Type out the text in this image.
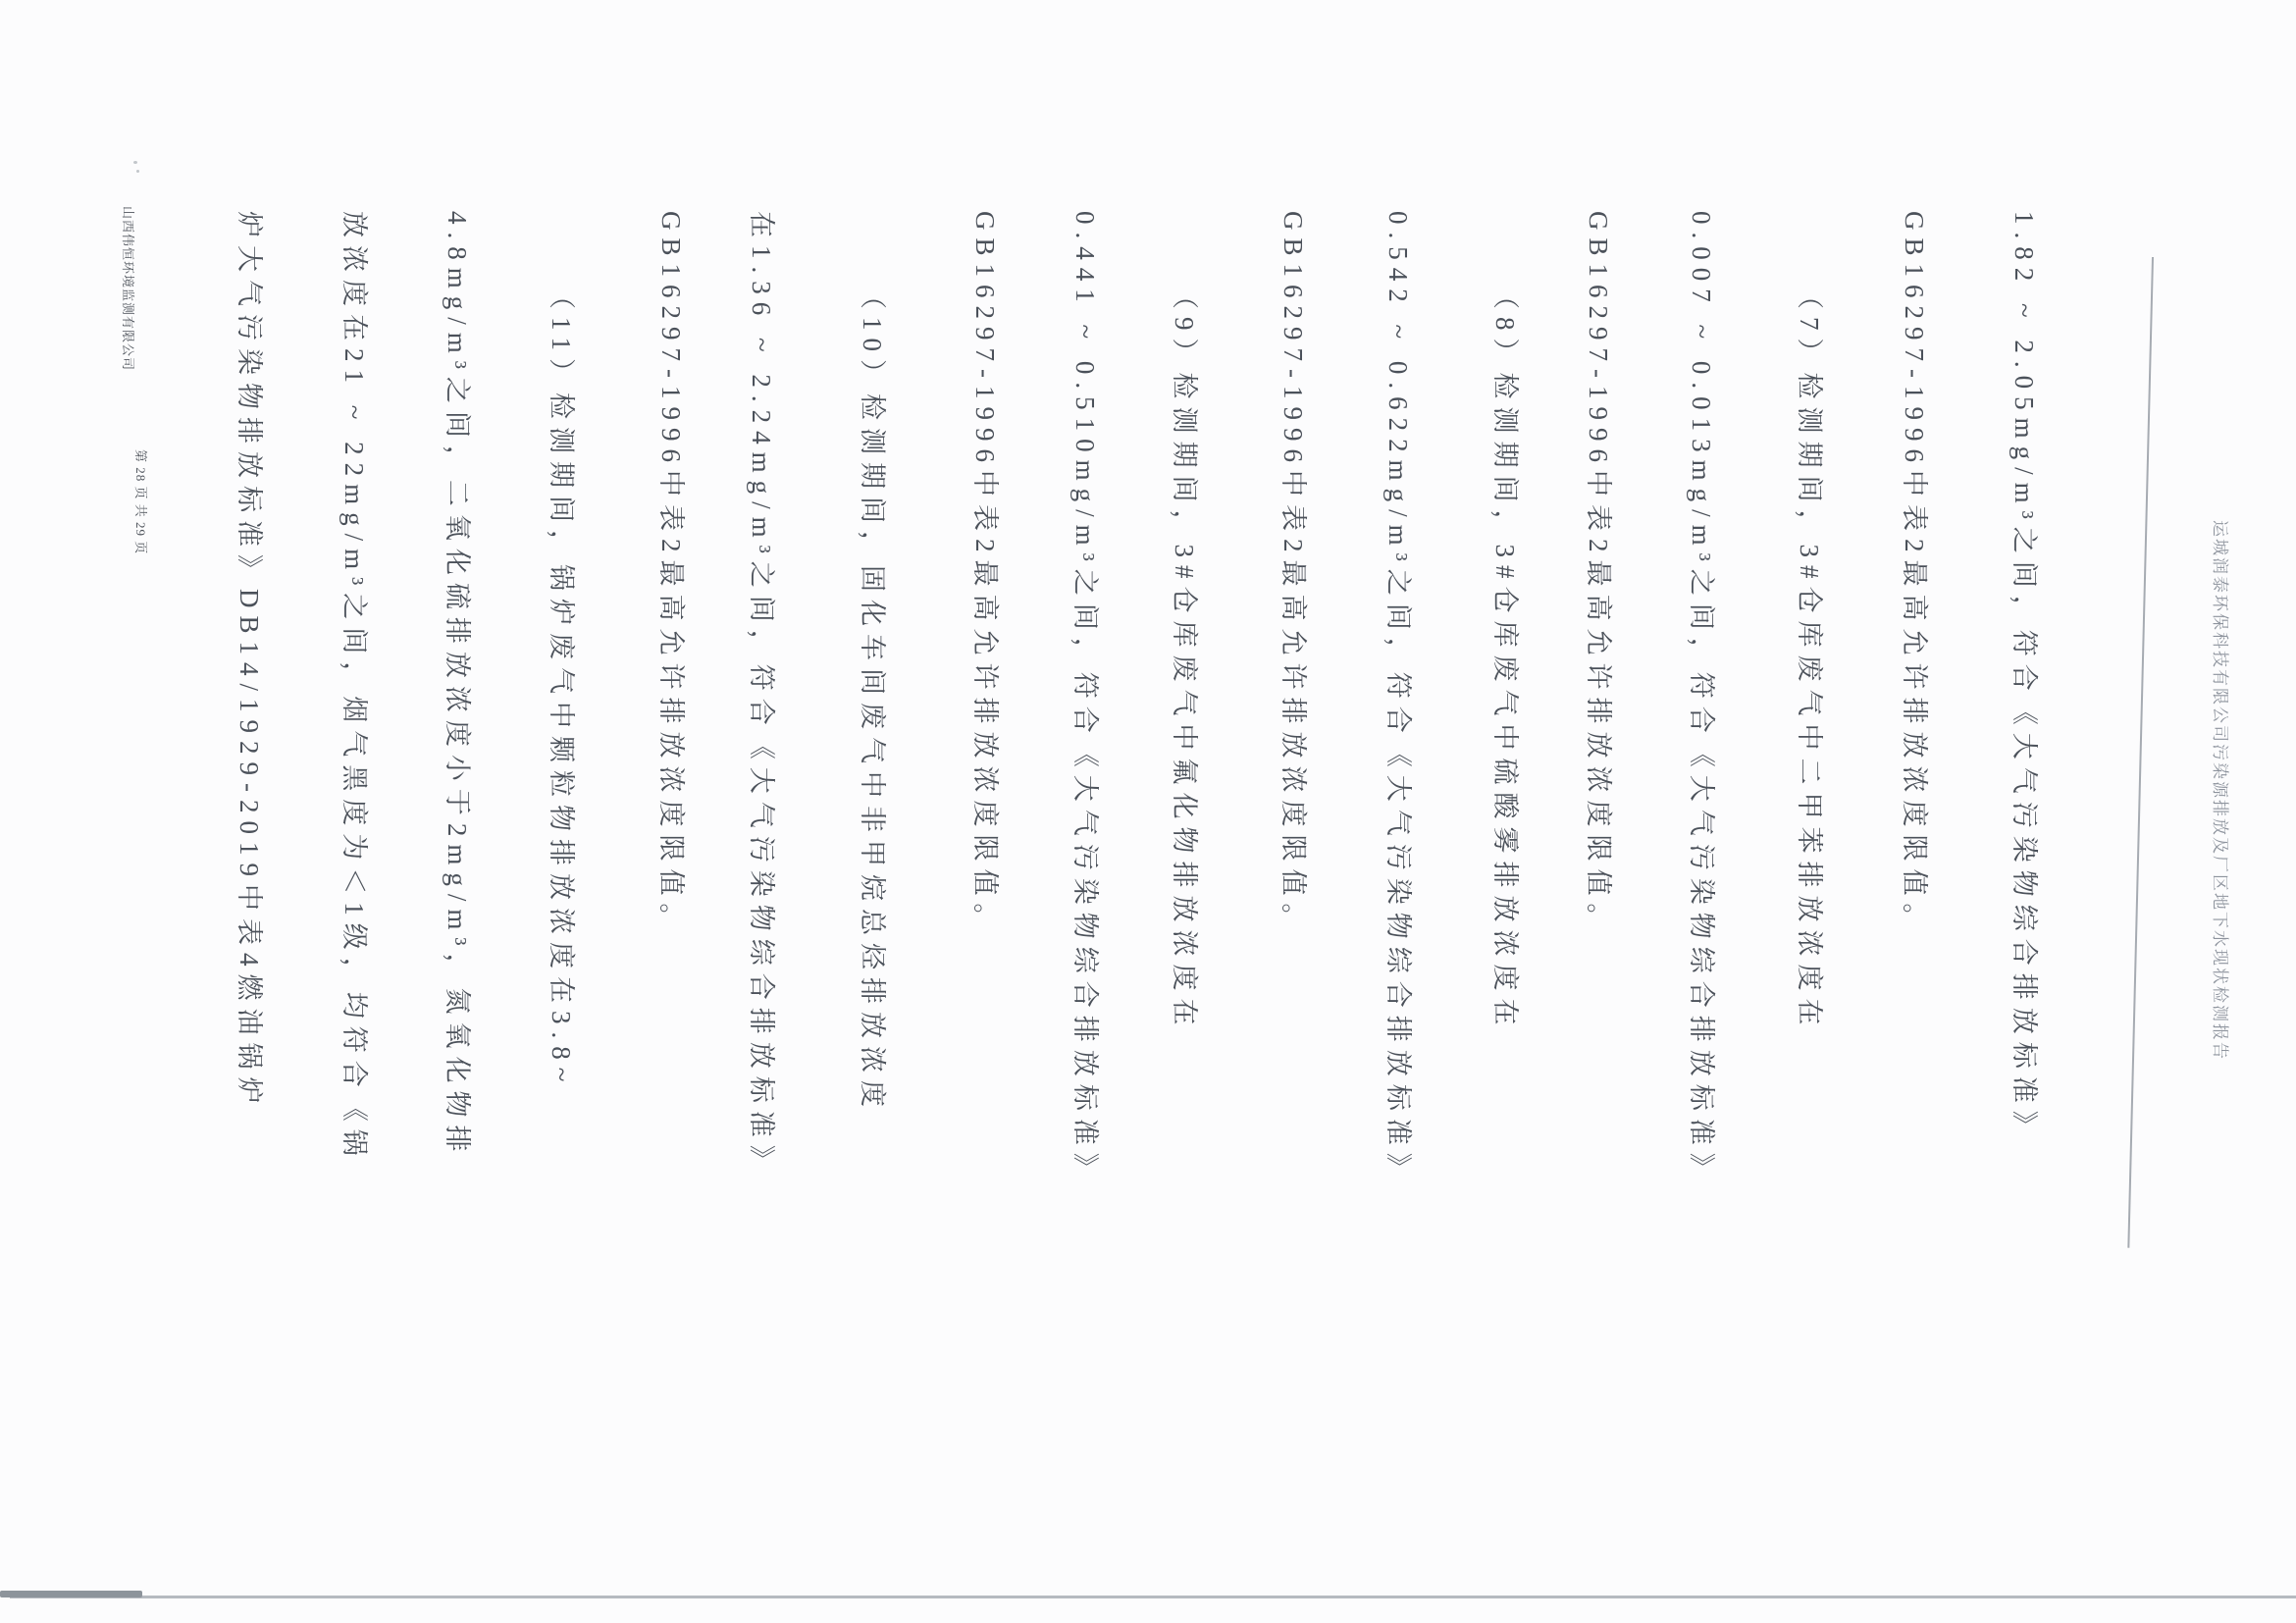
运城润泰环保科技有限公司污染源排放及厂区地下水现状检测报告
1.82 ~ 2.05mg/m³之间，符合《大气污染物综合排放标准》
GB16297-1996中表2最高允许排放浓度限值。
（7）检测期间，3#仓库废气中二甲苯排放浓度在
0.007 ~ 0.013mg/m³之间，符合《大气污染物综合排放标准》
GB16297-1996中表2最高允许排放浓度限值。
（8）检测期间，3#仓库废气中硫酸雾排放浓度在
0.542 ~ 0.622mg/m³之间，符合《大气污染物综合排放标准》
GB16297-1996中表2最高允许排放浓度限值。
（9）检测期间，3#仓库废气中氟化物排放浓度在
0.441 ~ 0.510mg/m³之间，符合《大气污染物综合排放标准》
GB16297-1996中表2最高允许排放浓度限值。
（10）检测期间，固化车间废气中非甲烷总烃排放浓度
在1.36 ~ 2.24mg/m³之间，符合《大气污染物综合排放标准》
GB16297-1996中表2最高允许排放浓度限值。
（11）检测期间，锅炉废气中颗粒物排放浓度在3.8~
4.8mg/m³之间，二氧化硫排放浓度小于2mg/m³，氮氧化物排
放浓度在21 ~ 22mg/m³之间，烟气黑度为＜1级，均符合《锅
炉大气污染物排放标准》DB14/1929-2019中表4燃油锅炉
山西伟恒环境监测有限公司
第 28 页 共 29 页
